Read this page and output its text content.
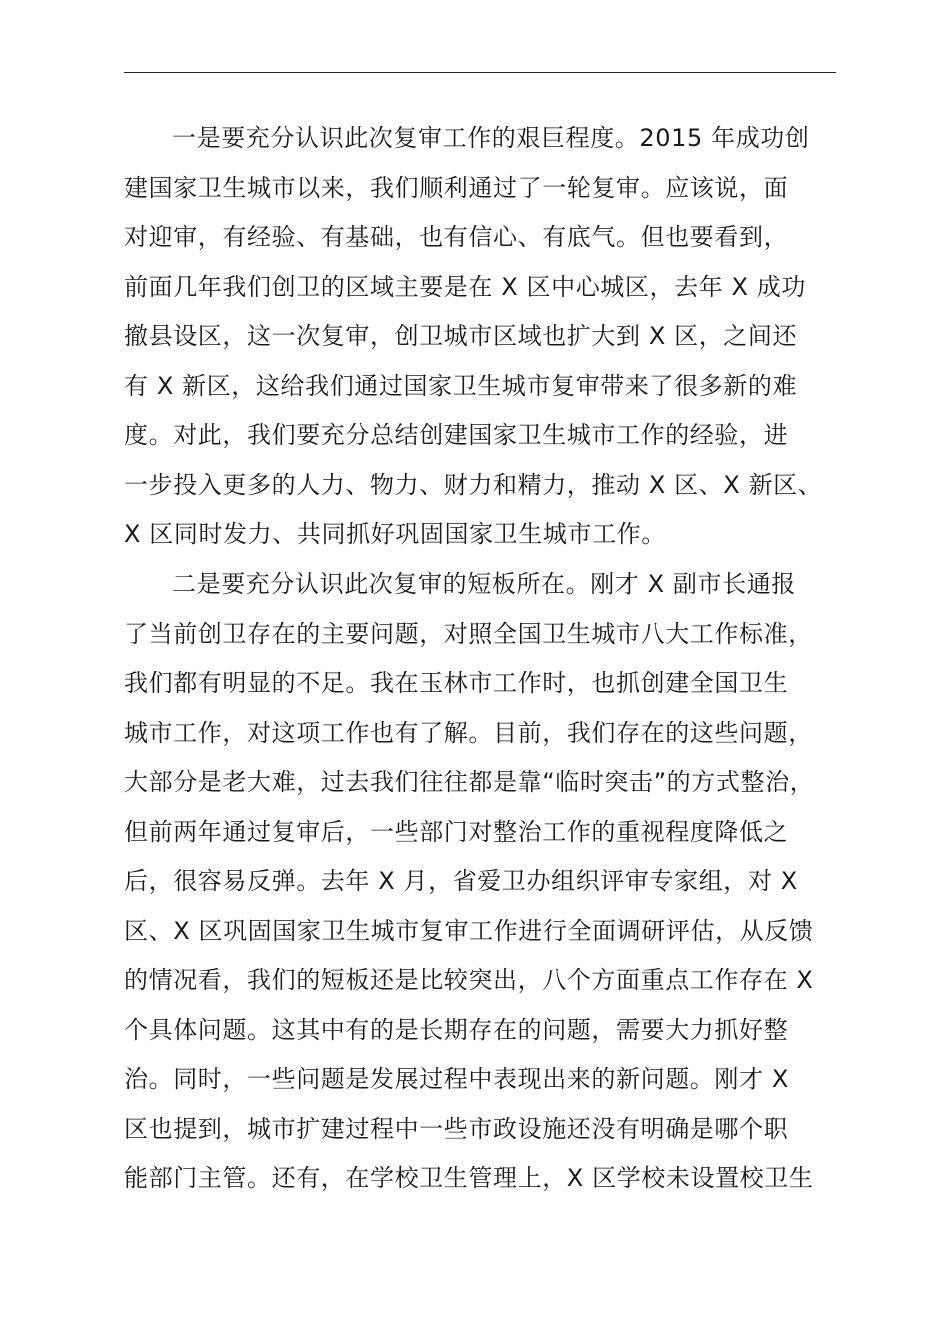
一是要充分认识此次复审工作的艰巨程度。2015 年成功创
建国家卫生城市以来，我们顺利通过了一轮复审。应该说，面
对迎审，有经验、有基础，也有信心、有底气。但也要看到，
前面几年我们创卫的区域主要是在 X 区中心城区，去年 X 成功
撤县设区，这一次复审，创卫城市区域也扩大到 X 区，之间还
有 X 新区，这给我们通过国家卫生城市复审带来了很多新的难
度。对此，我们要充分总结创建国家卫生城市工作的经验，进
一步投入更多的人力、物力、财力和精力，推动 X 区、X 新区、
X 区同时发力、共同抓好巩固国家卫生城市工作。
二是要充分认识此次复审的短板所在。刚才 X 副市长通报
了当前创卫存在的主要问题，对照全国卫生城市八大工作标准，
我们都有明显的不足。我在玉林市工作时，也抓创建全国卫生
城市工作，对这项工作也有了解。目前，我们存在的这些问题，
大部分是老大难，过去我们往往都是靠“临时突击”的方式整治，
但前两年通过复审后，一些部门对整治工作的重视程度降低之
后，很容易反弹。去年 X 月，省爱卫办组织评审专家组，对 X
区、X 区巩固国家卫生城市复审工作进行全面调研评估，从反馈
的情况看，我们的短板还是比较突出，八个方面重点工作存在 X
个具体问题。这其中有的是长期存在的问题，需要大力抓好整
治。同时，一些问题是发展过程中表现出来的新问题。刚才 X
区也提到，城市扩建过程中一些市政设施还没有明确是哪个职
能部门主管。还有，在学校卫生管理上，X 区学校未设置校卫生
